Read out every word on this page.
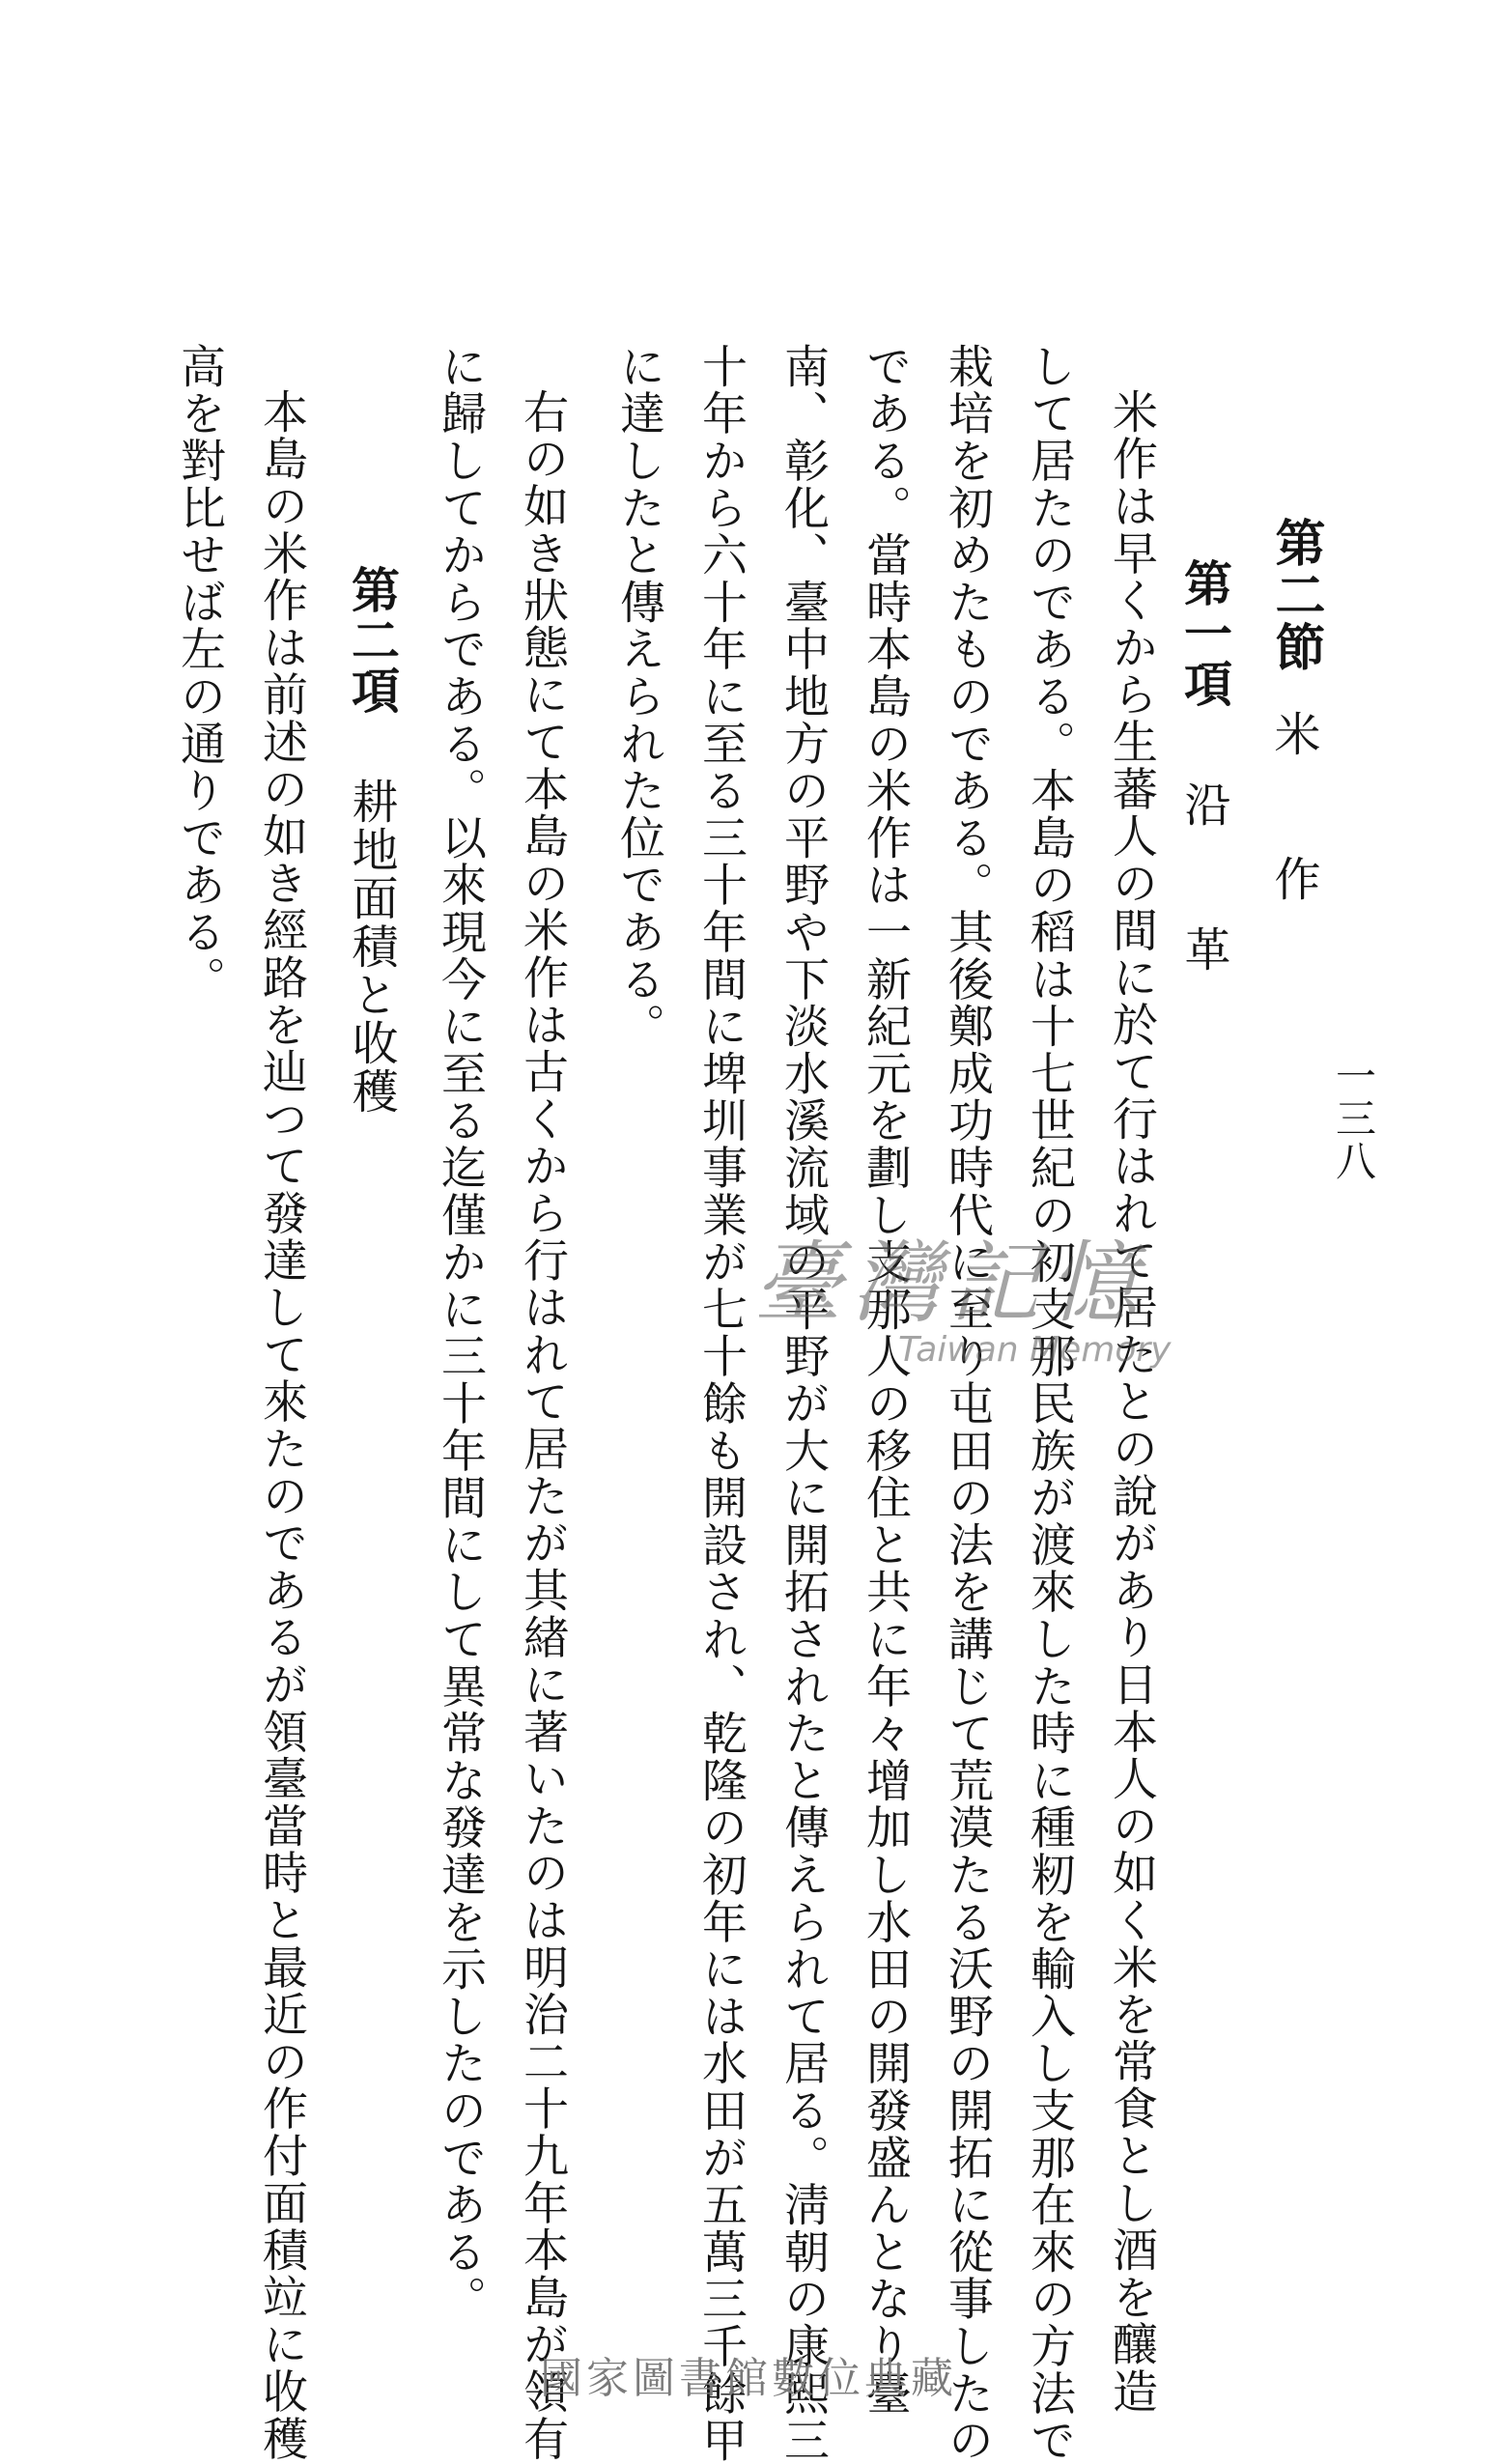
一三八
第二節
米　　作
第一項
沿　　革
米作は早くから生蕃人の間に於て行はれて居たとの說があり日本人の如く米を常食とし酒を釀造
して居たのである。本島の稻は十七世紀の初支那民族が渡來した時に種籾を輸入し支那在來の方法で
栽培を初めたものである。其後鄭成功時代に至り屯田の法を講じて荒漠たる沃野の開拓に從事したの
である。當時本島の米作は一新紀元を劃し支那人の移住と共に年々增加し水田の開發盛んとなり臺
南、彰化、臺中地方の平野や下淡水溪流域の平野が大に開拓されたと傳えられて居る。淸朝の康熙三
十年から六十年に至る三十年間に埤圳事業が七十餘も開設され、乾隆の初年には水田が五萬三千餘甲
に達したと傳えられた位である。
右の如き狀態にて本島の米作は古くから行はれて居たが其緖に著いたのは明治二十九年本島が領有
に歸してからである。以來現今に至る迄僅かに三十年間にして異常な發達を示したのである。
第二項
耕地面積と收穫
本島の米作は前述の如き經路を辿つて發達して來たのであるが領臺當時と最近の作付面積竝に收穫
高を對比せば左の通りである。
臺灣記憶
Taiwan Memory
國家圖書館數位典藏
